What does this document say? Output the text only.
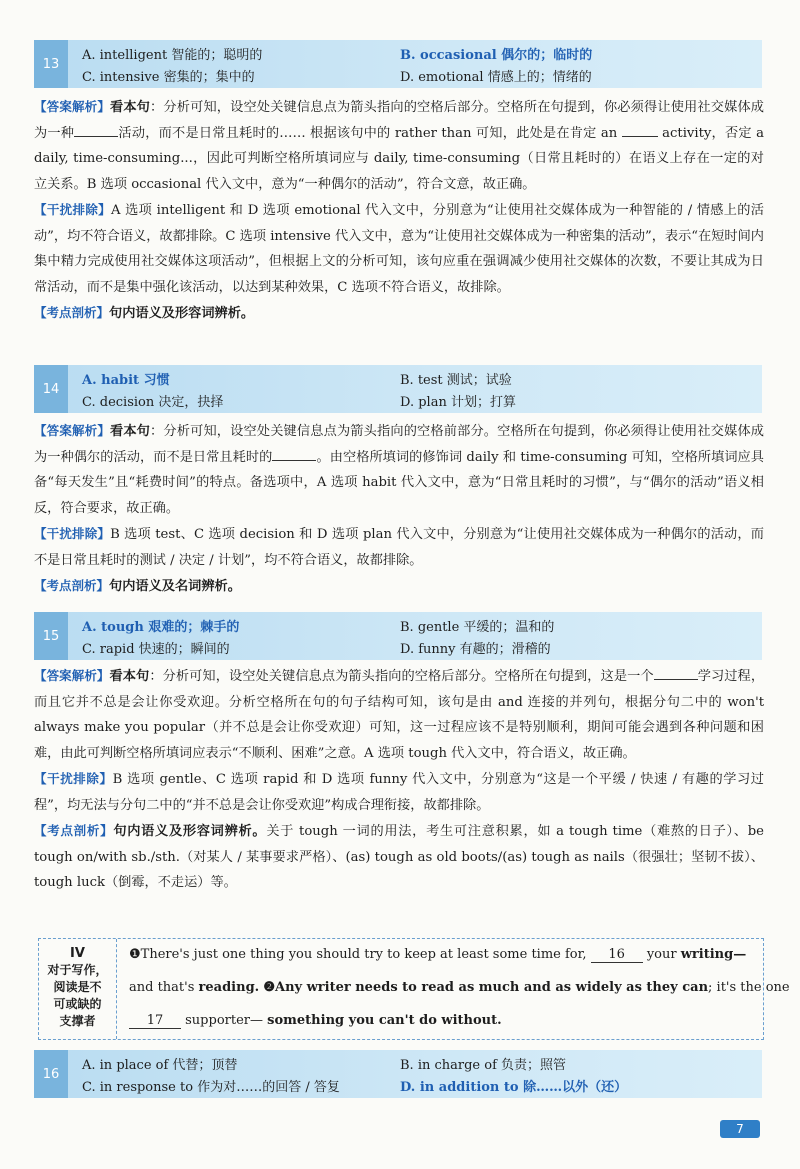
13
A. intelligent 智能的；聪明的	B. occasional 偶尔的；临时的
C. intensive 密集的；集中的	D. emotional 情感上的；情绪的

【答案解析】看本句：分析可知，设空处关键信息点为箭头指向的空格后部分。空格所在句提到，你必须得让使用社交媒体成为一种	活动，而不是日常且耗时的…… 根据该句中的 rather than 可知，此处是在肯定 an	activity，否定 a daily, time-consuming...，因此可判断空格所填词应与 daily, time-consuming（日常且耗时的）在语义上存在一定的对立关系。B 选项 occasional 代入文中，意为“一种偶尔的活动”，符合文意，故正确。

【干扰排除】A 选项 intelligent 和 D 选项 emotional 代入文中，分别意为“让使用社交媒体成为一种智能的 / 情感上的活动”，均不符合语义，故都排除。C 选项 intensive 代入文中，意为“让使用社交媒体成为一种密集的活动”，表示“在短时间内集中精力完成使用社交媒体这项活动”，但根据上文的分析可知，该句应重在强调减少使用社交媒体的次数，不要让其成为日常活动，而不是集中强化该活动，以达到某种效果，C 选项不符合语义，故排除。

【考点剖析】句内语义及形容词辨析。

14
A. habit 习惯	B. test 测试；试验
C. decision 决定，抉择	D. plan 计划；打算

【答案解析】看本句：分析可知，设空处关键信息点为箭头指向的空格前部分。空格所在句提到，你必须得让使用社交媒体成为一种偶尔的活动，而不是日常且耗时的	。由空格所填词的修饰词 daily 和 time-consuming 可知，空格所填词应具备“每天发生”且“耗费时间”的特点。备选项中，A 选项 habit 代入文中，意为“日常且耗时的习惯”，与“偶尔的活动”语义相反，符合要求，故正确。

【干扰排除】B 选项 test、C 选项 decision 和 D 选项 plan 代入文中，分别意为“让使用社交媒体成为一种偶尔的活动，而不是日常且耗时的测试 / 决定 / 计划”，均不符合语义，故都排除。

【考点剖析】句内语义及名词辨析。

15
A. tough 艰难的；棘手的	B. gentle 平缓的；温和的
C. rapid 快速的；瞬间的	D. funny 有趣的；滑稽的

【答案解析】看本句：分析可知，设空处关键信息点为箭头指向的空格后部分。空格所在句提到，这是一个	学习过程，而且它并不总是会让你受欢迎。分析空格所在句的句子结构可知，该句是由 and 连接的并列句，根据分句二中的 won't always make you popular（并不总是会让你受欢迎）可知，这一过程应该不是特别顺利，期间可能会遇到各种问题和困难，由此可判断空格所填词应表示“不顺利、困难”之意。A 选项 tough 代入文中，符合语义，故正确。

【干扰排除】B 选项 gentle、C 选项 rapid 和 D 选项 funny 代入文中，分别意为“这是一个平缓 / 快速 / 有趣的学习过程”，均无法与分句二中的“并不总是会让你受欢迎”构成合理衔接，故都排除。

【考点剖析】句内语义及形容词辨析。关于 tough 一词的用法，考生可注意积累，如 a tough time（难熬的日子）、be tough on/with sb./sth.（对某人 / 某事要求严格）、(as) tough as old boots/(as) tough as nails（很强壮；坚韧不拔）、tough luck（倒霉，不走运）等。

IV
对于写作，
阅读是不
可或缺的
支撑者
❶There's just one thing you should try to keep at least some time for, 16 your writing—
and that's reading. ❷Any writer needs to read as much and as widely as they can; it's the one
17 supporter— something you can't do without.
16
A. in place of 代替；顶替	B. in charge of 负责；照管
C. in response to 作为对……的回答 / 答复	D. in addition to 除……以外（还）
7
